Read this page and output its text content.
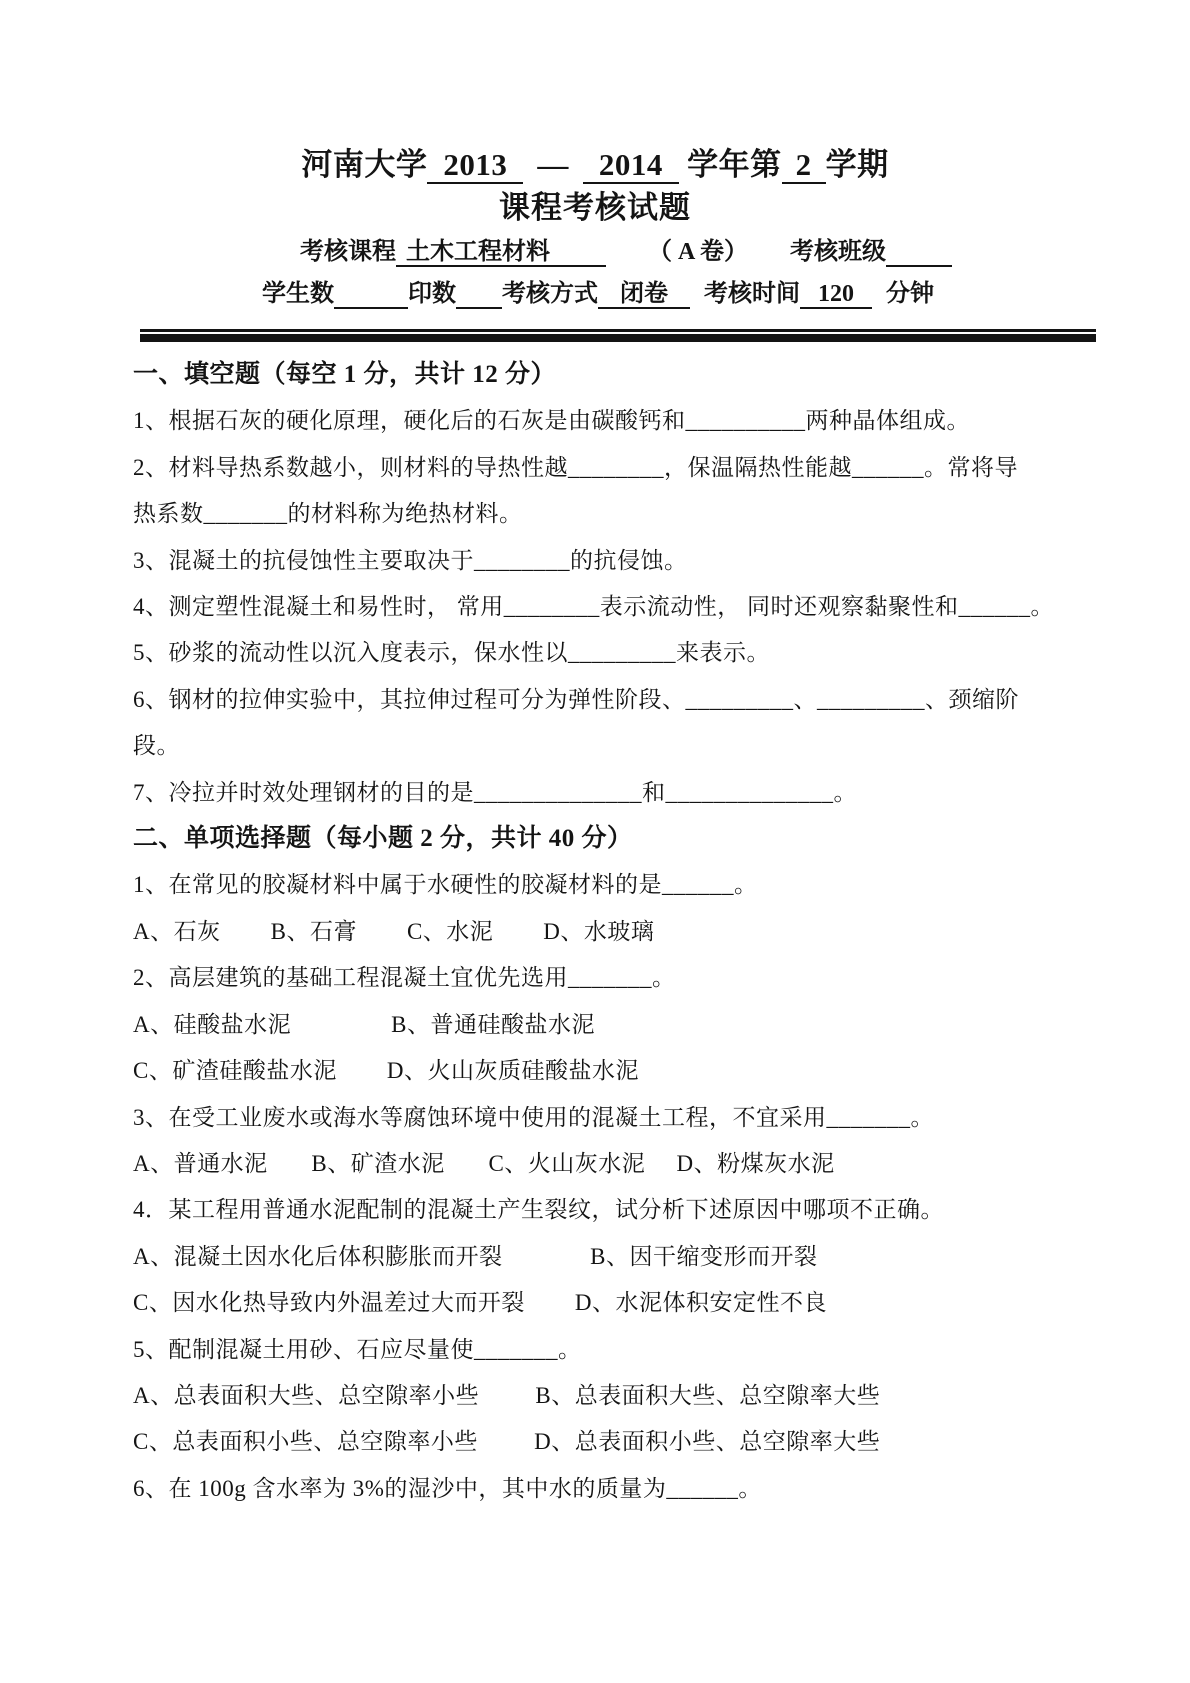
河南大学 2013 — 2014 学年第 2 学期
课程考核试题
考核课程 土木工程材料	（ A 卷） 考核班级
学生数	印数 考核方式 闭卷 考核时间 120 分钟
一、填空题（每空 1 分，共计 12 分）
1、根据石灰的硬化原理，硬化后的石灰是由碳酸钙和__________两种晶体组成。
2、材料导热系数越小，则材料的导热性越________，保温隔热性能越______。常将导
热系数_______的材料称为绝热材料。
3、混凝土的抗侵蚀性主要取决于________的抗侵蚀。
4、测定塑性混凝土和易性时， 常用________表示流动性， 同时还观察黏聚性和______。
5、砂浆的流动性以沉入度表示，保水性以_________来表示。
6、钢材的拉伸实验中，其拉伸过程可分为弹性阶段、_________、_________、颈缩阶
段。
7、冷拉并时效处理钢材的目的是______________和______________。
二、单项选择题（每小题 2 分，共计 40 分）
1、在常见的胶凝材料中属于水硬性的胶凝材料的是______。
A、石灰        B、石膏        C、水泥        D、水玻璃
2、高层建筑的基础工程混凝土宜优先选用_______。
A、硅酸盐水泥                B、普通硅酸盐水泥
C、矿渣硅酸盐水泥        D、火山灰质硅酸盐水泥
3、在受工业废水或海水等腐蚀环境中使用的混凝土工程，不宜采用_______。
A、普通水泥       B、矿渣水泥       C、火山灰水泥     D、粉煤灰水泥
4．某工程用普通水泥配制的混凝土产生裂纹，试分析下述原因中哪项不正确。
A、混凝土因水化后体积膨胀而开裂              B、因干缩变形而开裂
C、因水化热导致内外温差过大而开裂        D、水泥体积安定性不良
5、配制混凝土用砂、石应尽量使_______。
A、总表面积大些、总空隙率小些         B、总表面积大些、总空隙率大些
C、总表面积小些、总空隙率小些         D、总表面积小些、总空隙率大些
6、在 100g 含水率为 3%的湿沙中，其中水的质量为______。
